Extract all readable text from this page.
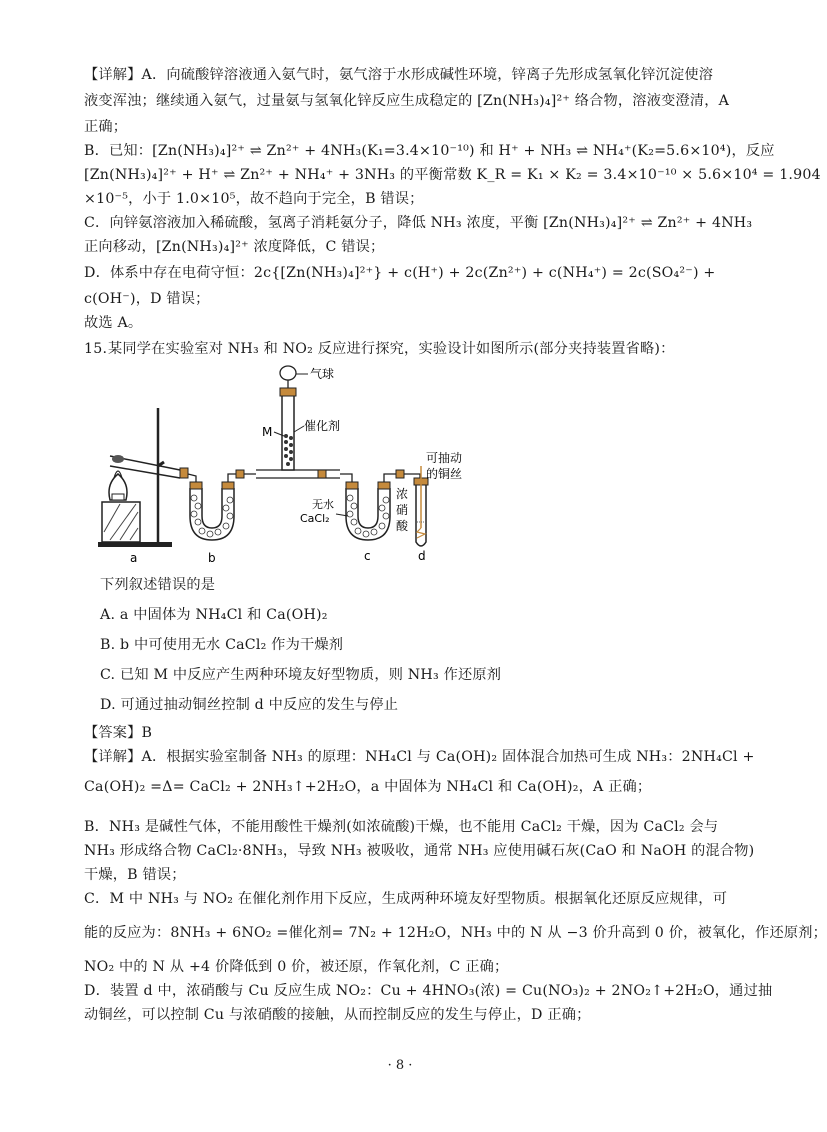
【详解】A．向硫酸锌溶液通入氨气时，氨气溶于水形成碱性环境，锌离子先形成氢氧化锌沉淀使溶
液变浑浊；继续通入氨气，过量氨与氢氧化锌反应生成稳定的 [Zn(NH₃)₄]²⁺ 络合物，溶液变澄清，A
正确；
B．已知：[Zn(NH₃)₄]²⁺ ⇌ Zn²⁺ + 4NH₃(K₁=3.4×10⁻¹⁰) 和 H⁺ + NH₃ ⇌ NH₄⁺(K₂=5.6×10⁴)，反应
[Zn(NH₃)₄]²⁺ + H⁺ ⇌ Zn²⁺ + NH₄⁺ + 3NH₃ 的平衡常数 K_R = K₁ × K₂ = 3.4×10⁻¹⁰ × 5.6×10⁴ = 1.904
×10⁻⁵，小于 1.0×10⁵，故不趋向于完全，B 错误；
C．向锌氨溶液加入稀硫酸，氢离子消耗氨分子，降低 NH₃ 浓度，平衡 [Zn(NH₃)₄]²⁺ ⇌ Zn²⁺ + 4NH₃
正向移动，[Zn(NH₃)₄]²⁺ 浓度降低，C 错误；
D．体系中存在电荷守恒：2c{[Zn(NH₃)₄]²⁺} + c(H⁺) + 2c(Zn²⁺) + c(NH₄⁺) = 2c(SO₄²⁻) +
c(OH⁻)，D 错误；
故选 A。
15.某同学在实验室对 NH₃ 和 NO₂ 反应进行探究，实验设计如图所示(部分夹持装置省略)：
气球
催化剂
M
无水
CaCl₂
可抽动
的铜丝
浓
硝
酸
a	b	c	d
下列叙述错误的是
A. a 中固体为 NH₄Cl 和 Ca(OH)₂
B. b 中可使用无水 CaCl₂ 作为干燥剂
C. 已知 M 中反应产生两种环境友好型物质，则 NH₃ 作还原剂
D. 可通过抽动铜丝控制 d 中反应的发生与停止
【答案】B
【详解】A．根据实验室制备 NH₃ 的原理：NH₄Cl 与 Ca(OH)₂ 固体混合加热可生成 NH₃：2NH₄Cl +
Ca(OH)₂ =Δ= CaCl₂ + 2NH₃↑+2H₂O，a 中固体为 NH₄Cl 和 Ca(OH)₂，A 正确；
B．NH₃ 是碱性气体，不能用酸性干燥剂(如浓硫酸)干燥，也不能用 CaCl₂ 干燥，因为 CaCl₂ 会与
NH₃ 形成络合物 CaCl₂·8NH₃，导致 NH₃ 被吸收，通常 NH₃ 应使用碱石灰(CaO 和 NaOH 的混合物)
干燥，B 错误；
C．M 中 NH₃ 与 NO₂ 在催化剂作用下反应，生成两种环境友好型物质。根据氧化还原反应规律，可
能的反应为：8NH₃ + 6NO₂ =催化剂= 7N₂ + 12H₂O，NH₃ 中的 N 从 −3 价升高到 0 价，被氧化，作还原剂；
NO₂ 中的 N 从 +4 价降低到 0 价，被还原，作氧化剂，C 正确；
D．装置 d 中，浓硝酸与 Cu 反应生成 NO₂：Cu + 4HNO₃(浓) = Cu(NO₃)₂ + 2NO₂↑+2H₂O，通过抽
动铜丝，可以控制 Cu 与浓硝酸的接触，从而控制反应的发生与停止，D 正确；
· 8 ·
